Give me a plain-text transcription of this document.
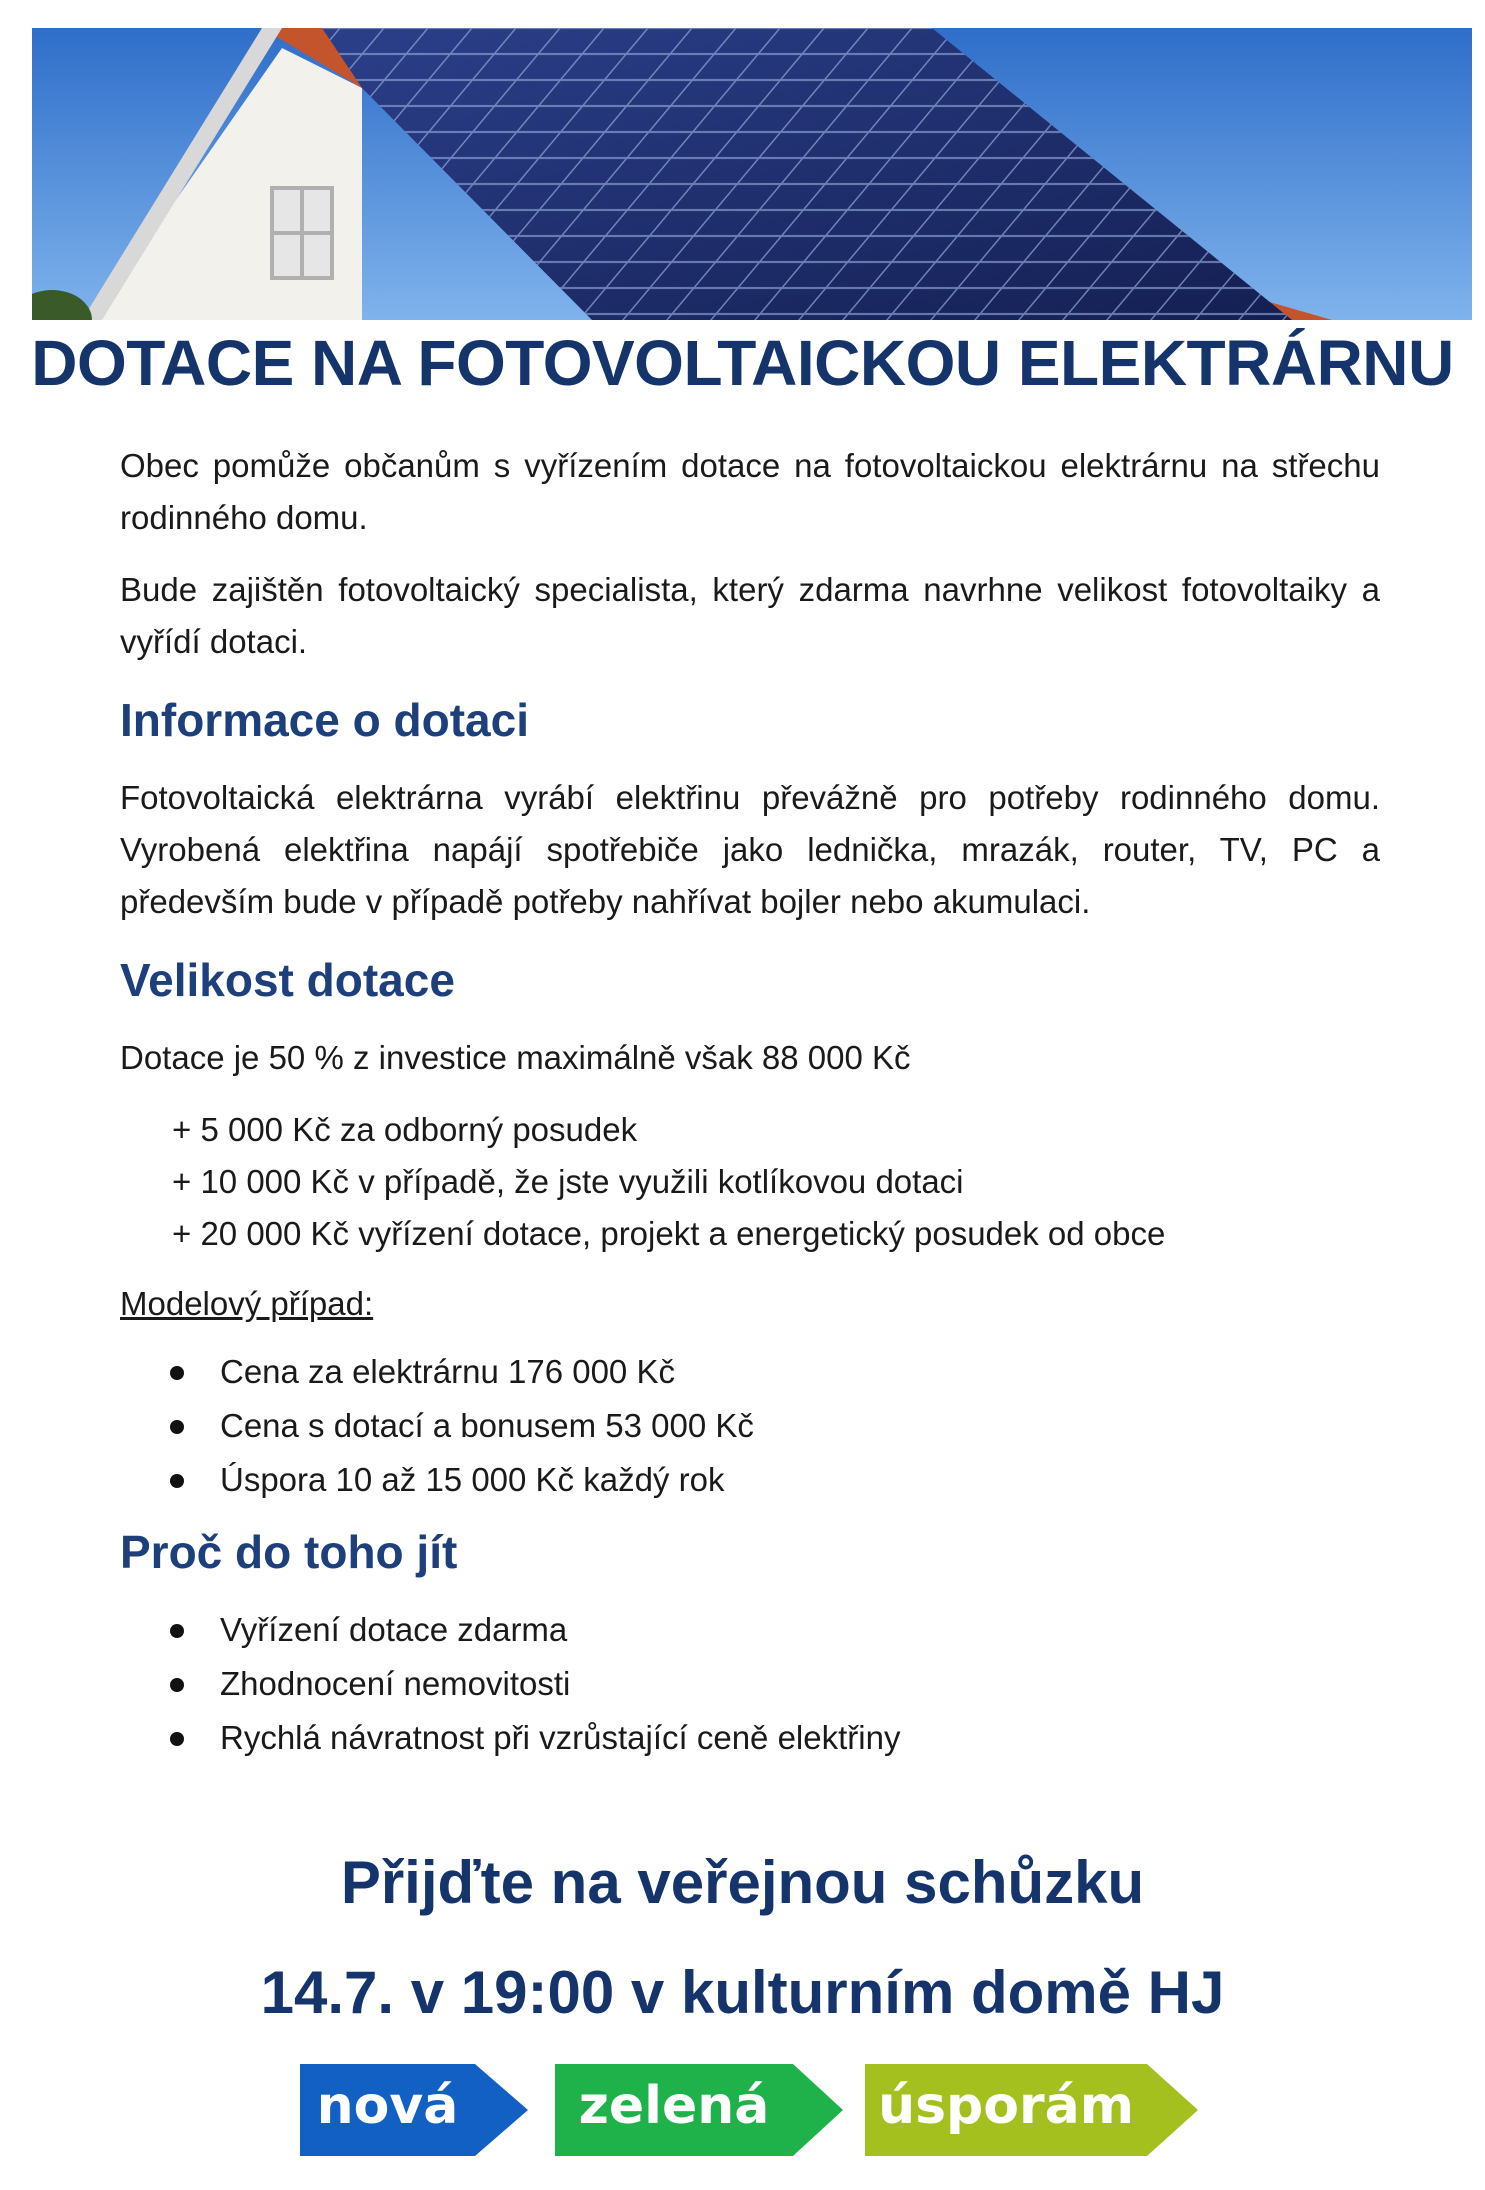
DOTACE NA FOTOVOLTAICKOU ELEKTRÁRNU

Obec pomůže občanům s vyřízením dotace na fotovoltaickou elektrárnu na střechu rodinného domu.

Bude zajištěn fotovoltaický specialista, který zdarma navrhne velikost fotovoltaiky a vyřídí dotaci.

Informace o dotaci

Fotovoltaická elektrárna vyrábí elektřinu převážně pro potřeby rodinného domu. Vyrobená elektřina napájí spotřebiče jako lednička, mrazák, router, TV, PC a především bude v případě potřeby nahřívat bojler nebo akumulaci.

Velikost dotace

Dotace je 50 % z investice maximálně však 88 000 Kč

+ 5 000 Kč za odborný posudek
+ 10 000 Kč v případě, že jste využili kotlíkovou dotaci
+ 20 000 Kč vyřízení dotace, projekt a energetický posudek od obce

Modelový případ:

Cena za elektrárnu 176 000 Kč
Cena s dotací a bonusem 53 000 Kč
Úspora 10 až 15 000 Kč každý rok
Proč do toho jít
Vyřízení dotace zdarma
Zhodnocení nemovitosti
Rychlá návratnost při vzrůstající ceně elektřiny

Přijďte na veřejnou schůzku

14.7. v 19:00 v kulturním domě HJ

nová	zelená	úsporám
